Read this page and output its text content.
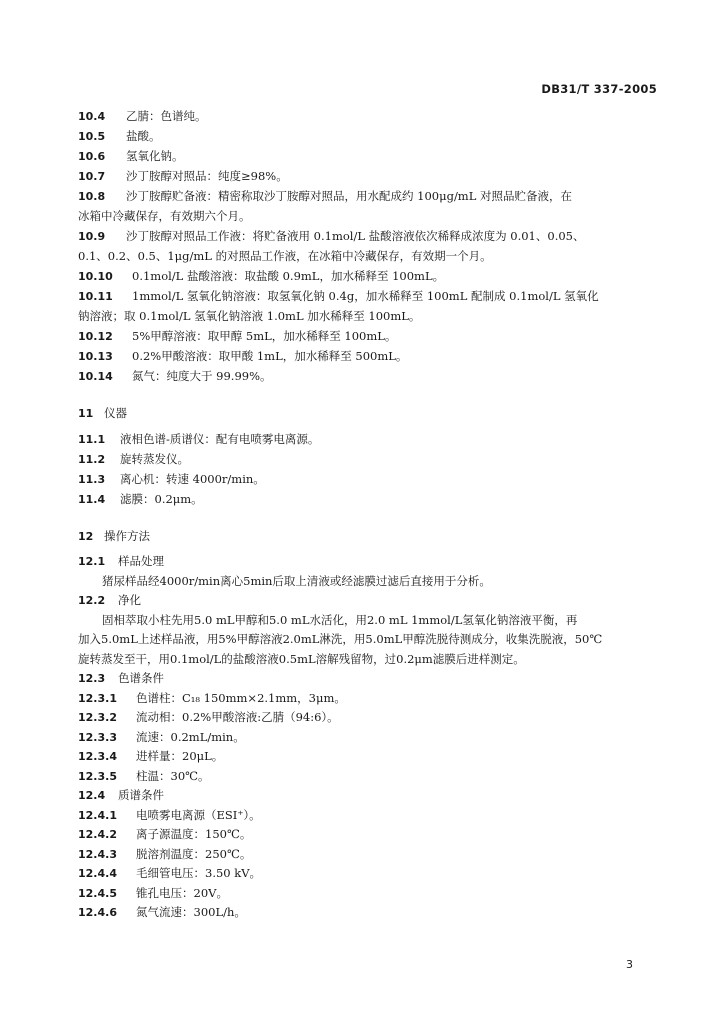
DB31/T 337-2005
10.4 乙腈：色谱纯。
10.5 盐酸。
10.6 氢氧化钠。
10.7 沙丁胺醇对照品：纯度≥98%。
10.8 沙丁胺醇贮备液：精密称取沙丁胺醇对照品，用水配成约 100μg/mL 对照品贮备液，在
冰箱中冷藏保存，有效期六个月。
10.9 沙丁胺醇对照品工作液：将贮备液用 0.1mol/L 盐酸溶液依次稀释成浓度为 0.01、0.05、
0.1、0.2、0.5、1μg/mL 的对照品工作液，在冰箱中冷藏保存，有效期一个月。
10.10 0.1mol/L 盐酸溶液：取盐酸 0.9mL，加水稀释至 100mL。
10.11 1mmol/L 氢氧化钠溶液：取氢氧化钠 0.4g，加水稀释至 100mL 配制成 0.1mol/L 氢氧化
钠溶液；取 0.1mol/L 氢氧化钠溶液 1.0mL 加水稀释至 100mL。
10.12 5%甲醇溶液：取甲醇 5mL，加水稀释至 100mL。
10.13 0.2%甲酸溶液：取甲酸 1mL，加水稀释至 500mL。
10.14 氮气：纯度大于 99.99%。
11 仪器
11.1 液相色谱-质谱仪：配有电喷雾电离源。
11.2 旋转蒸发仪。
11.3 离心机：转速 4000r/min。
11.4 滤膜：0.2μm。
12 操作方法
12.1 样品处理
猪尿样品经4000r/min离心5min后取上清液或经滤膜过滤后直接用于分析。
12.2 净化
固相萃取小柱先用5.0 mL甲醇和5.0 mL水活化，用2.0 mL 1mmol/L氢氧化钠溶液平衡，再
加入5.0mL上述样品液，用5%甲醇溶液2.0mL淋洗，用5.0mL甲醇洗脱待测成分，收集洗脱液，50℃
旋转蒸发至干，用0.1mol/L的盐酸溶液0.5mL溶解残留物，过0.2μm滤膜后进样测定。
12.3 色谱条件
12.3.1 色谱柱：C₁₈ 150mm×2.1mm，3μm。
12.3.2 流动相：0.2%甲酸溶液:乙腈（94:6）。
12.3.3 流速：0.2mL/min。
12.3.4 进样量：20μL。
12.3.5 柱温：30℃。
12.4 质谱条件
12.4.1 电喷雾电离源（ESI⁺）。
12.4.2 离子源温度：150℃。
12.4.3 脱溶剂温度：250℃。
12.4.4 毛细管电压：3.50 kV。
12.4.5 锥孔电压：20V。
12.4.6 氮气流速：300L/h。
3
